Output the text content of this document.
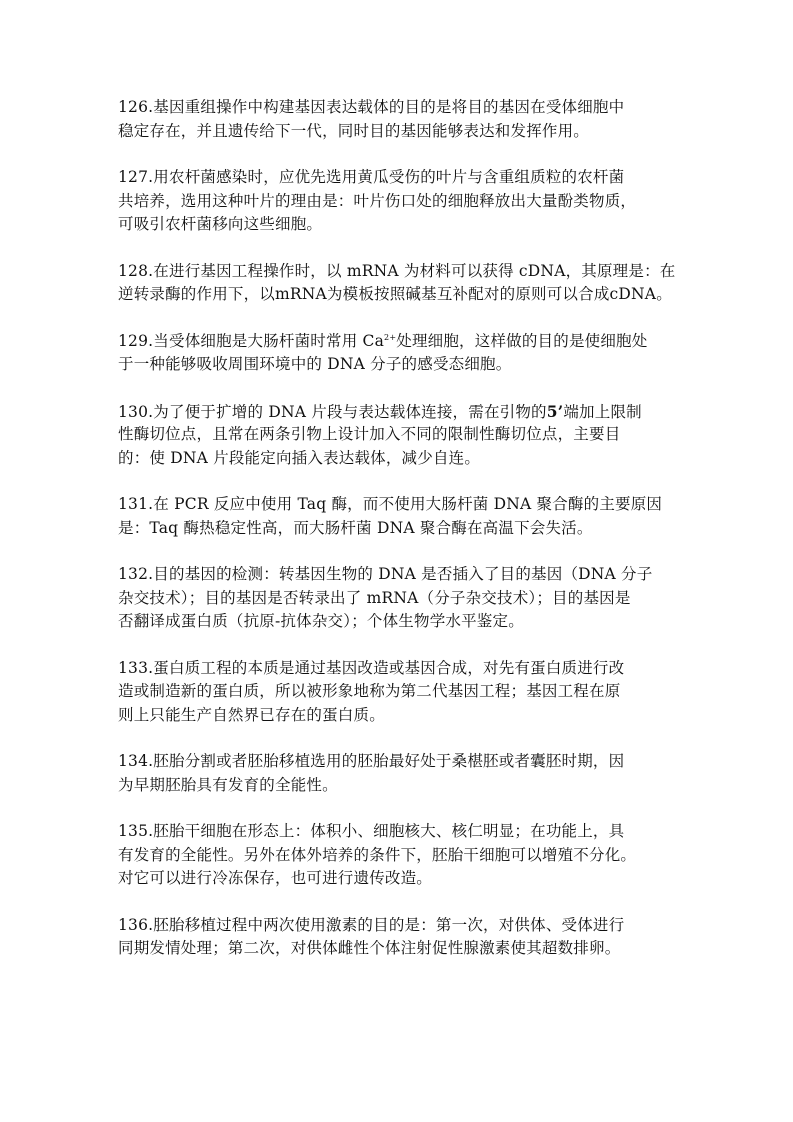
126.基因重组操作中构建基因表达载体的目的是将目的基因在受体细胞中
稳定存在，并且遗传给下一代，同时目的基因能够表达和发挥作用。
127.用农杆菌感染时，应优先选用黄瓜受伤的叶片与含重组质粒的农杆菌
共培养，选用这种叶片的理由是：叶片伤口处的细胞释放出大量酚类物质，
可吸引农杆菌移向这些细胞。
128.在进行基因工程操作时，以 mRNA 为材料可以获得 cDNA，其原理是：在
逆转录酶的作用下，以mRNA为模板按照碱基互补配对的原则可以合成cDNA。
129.当受体细胞是大肠杆菌时常用 $Ca^{2+}$处理细胞，这样做的目的是使细胞处
于一种能够吸收周围环境中的 DNA 分子的感受态细胞。
130.为了便于扩增的 DNA 片段与表达载体连接，需在引物的5’端加上限制
性酶切位点，且常在两条引物上设计加入不同的限制性酶切位点，主要目
的：使 DNA 片段能定向插入表达载体，减少自连。
131.在 PCR 反应中使用 Taq 酶，而不使用大肠杆菌 DNA 聚合酶的主要原因
是：Taq 酶热稳定性高，而大肠杆菌 DNA 聚合酶在高温下会失活。
132.目的基因的检测：转基因生物的 DNA 是否插入了目的基因（DNA 分子
杂交技术）；目的基因是否转录出了 mRNA（分子杂交技术）；目的基因是
否翻译成蛋白质（抗原-抗体杂交）；个体生物学水平鉴定。
133.蛋白质工程的本质是通过基因改造或基因合成，对先有蛋白质进行改
造或制造新的蛋白质，所以被形象地称为第二代基因工程；基因工程在原
则上只能生产自然界已存在的蛋白质。
134.胚胎分割或者胚胎移植选用的胚胎最好处于桑椹胚或者囊胚时期，因
为早期胚胎具有发育的全能性。
135.胚胎干细胞在形态上：体积小、细胞核大、核仁明显；在功能上，具
有发育的全能性。另外在体外培养的条件下，胚胎干细胞可以增殖不分化。
对它可以进行冷冻保存，也可进行遗传改造。
136.胚胎移植过程中两次使用激素的目的是：第一次，对供体、受体进行
同期发情处理；第二次，对供体雌性个体注射促性腺激素使其超数排卵。
